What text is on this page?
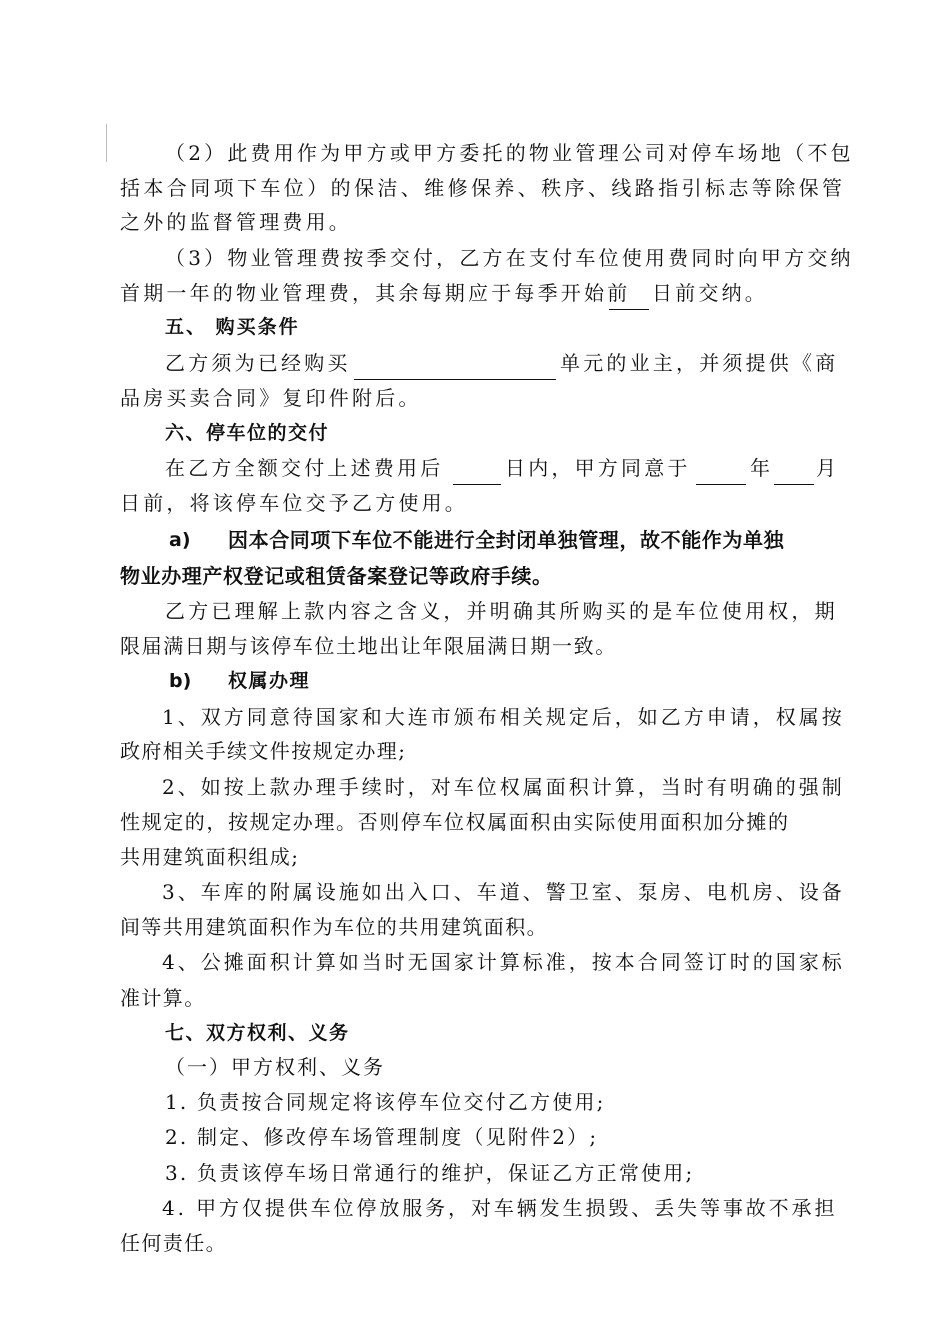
（2）此费用作为甲方或甲方委托的物业管理公司对停车场地（不包
括本合同项下车位）的保洁、维修保养、秩序、线路指引标志等除保管
之外的监督管理费用。
（3）物业管理费按季交付，乙方在支付车位使用费同时向甲方交纳
首期一年的物业管理费，其余每期应于每季开始前 日前交纳。
五、 购买条件
乙方须为已经购买	单元的业主，并须提供《商
品房买卖合同》复印件附后。
六、停车位的交付
在乙方全额交付上述费用后	日内，甲方同意于	年 月
日前，将该停车位交予乙方使用。
a) 因本合同项下车位不能进行全封闭单独管理，故不能作为单独
物业办理产权登记或租赁备案登记等政府手续。
乙方已理解上款内容之含义，并明确其所购买的是车位使用权，期
限届满日期与该停车位土地出让年限届满日期一致。
b) 权属办理
1、双方同意待国家和大连市颁布相关规定后，如乙方申请，权属按
政府相关手续文件按规定办理;
2、如按上款办理手续时，对车位权属面积计算，当时有明确的强制
性规定的，按规定办理。否则停车位权属面积由实际使用面积加分摊的
共用建筑面积组成;
3、车库的附属设施如出入口、车道、警卫室、泵房、电机房、设备
间等共用建筑面积作为车位的共用建筑面积。
4、公摊面积计算如当时无国家计算标准，按本合同签订时的国家标
准计算。
七、双方权利、义务
（一）甲方权利、义务
1. 负责按合同规定将该停车位交付乙方使用;
2. 制定、修改停车场管理制度（见附件2）;
3. 负责该停车场日常通行的维护，保证乙方正常使用;
4. 甲方仅提供车位停放服务，对车辆发生损毁、丢失等事故不承担
任何责任。
